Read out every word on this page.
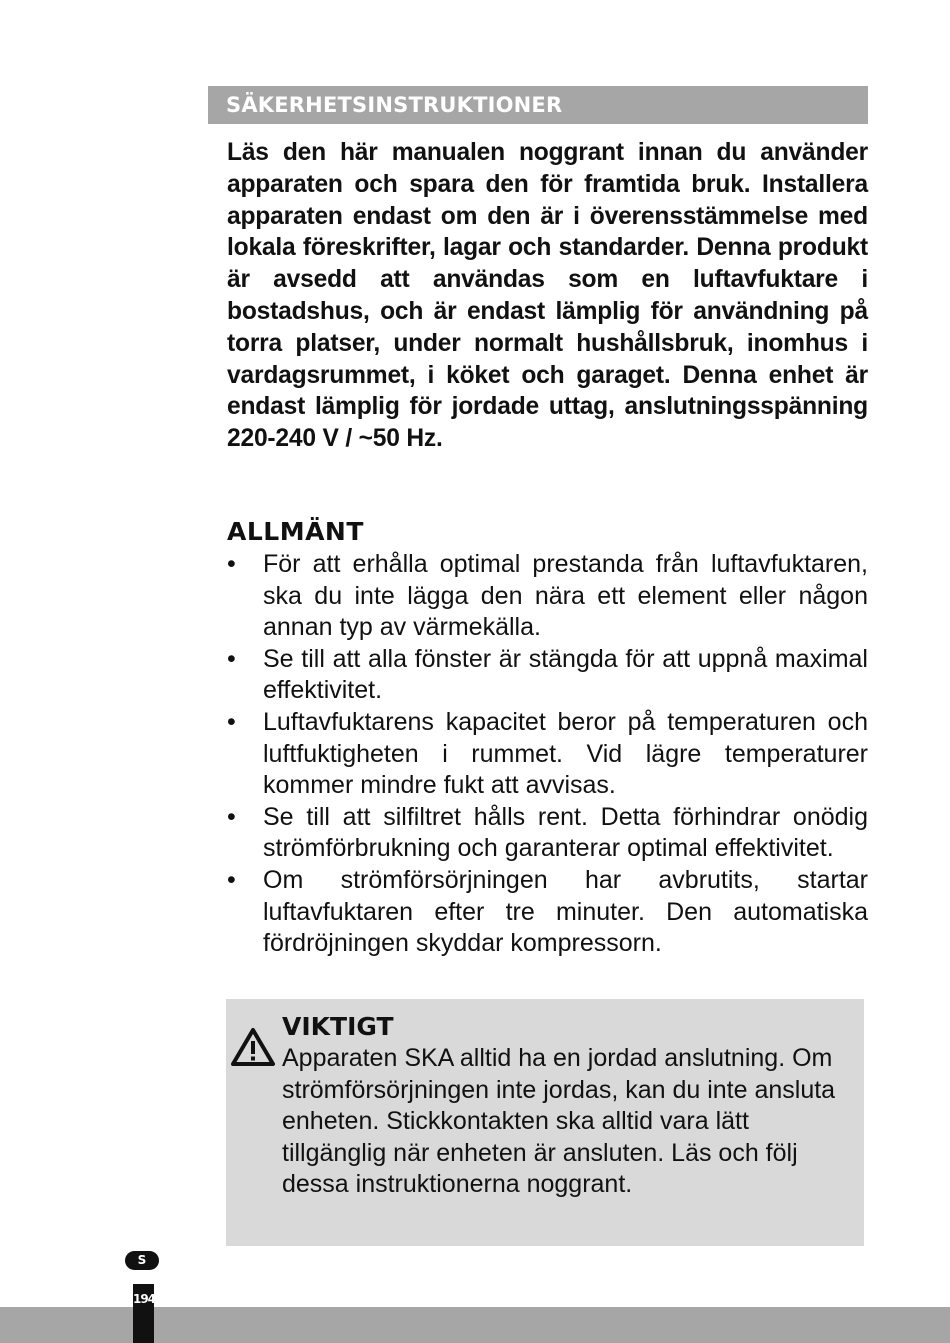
SÄKERHETSINSTRUKTIONER

Läs den här manualen noggrant innan du använder apparaten och spara den för framtida bruk. Installera apparaten endast om den är i överensstämmelse med lokala föreskrifter, lagar och standarder. Denna produkt är avsedd att användas som en luftavfuktare i bostadshus, och är endast lämplig för användning på torra platser, under normalt hushållsbruk, inomhus i vardagsrummet, i köket och garaget. Denna enhet är endast lämplig för jordade uttag, anslutningsspänning 220-240 V / ~50 Hz.

ALLMÄNT
•	För att erhålla optimal prestanda från luftavfuktaren, ska du inte lägga den nära ett element eller någon annan typ av värmekälla.
•	Se till att alla fönster är stängda för att uppnå maximal effektivitet.
•	Luftavfuktarens kapacitet beror på temperaturen och luftfuktigheten i rummet. Vid lägre temperaturer kommer mindre fukt att avvisas.
•	Se till att silfiltret hålls rent. Detta förhindrar onödig strömförbrukning och garanterar optimal effektivitet.
•	Om strömförsörjningen har avbrutits, startar luftavfuktaren efter tre minuter. Den automatiska fördröjningen skyddar kompressorn.
VIKTIGT

Apparaten SKA alltid ha en jordad anslutning. Om strömförsörjningen inte jordas, kan du inte ansluta enheten. Stickkontakten ska alltid vara lätt tillgänglig när enheten är ansluten. Läs och följ dessa instruktionerna noggrant.

S
194
